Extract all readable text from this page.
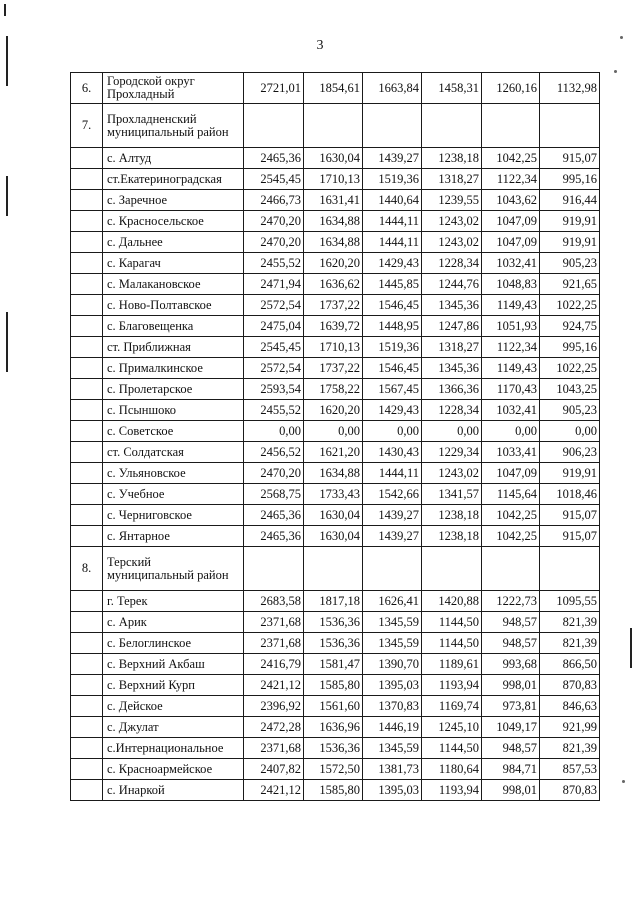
3
6.	Городской округ Прохладный	2721,01	1854,61	1663,84	1458,31	1260,16	1132,98
7.	Прохладненский муниципальный район						
	с. Алтуд	2465,36	1630,04	1439,27	1238,18	1042,25	915,07
	ст.Екатериноградская	2545,45	1710,13	1519,36	1318,27	1122,34	995,16
	с. Заречное	2466,73	1631,41	1440,64	1239,55	1043,62	916,44
	с. Красносельское	2470,20	1634,88	1444,11	1243,02	1047,09	919,91
	с. Дальнее	2470,20	1634,88	1444,11	1243,02	1047,09	919,91
	с. Карагач	2455,52	1620,20	1429,43	1228,34	1032,41	905,23
	с. Малакановское	2471,94	1636,62	1445,85	1244,76	1048,83	921,65
	с. Ново-Полтавское	2572,54	1737,22	1546,45	1345,36	1149,43	1022,25
	с. Благовещенка	2475,04	1639,72	1448,95	1247,86	1051,93	924,75
	ст. Приближная	2545,45	1710,13	1519,36	1318,27	1122,34	995,16
	с. Прималкинское	2572,54	1737,22	1546,45	1345,36	1149,43	1022,25
	с. Пролетарское	2593,54	1758,22	1567,45	1366,36	1170,43	1043,25
	с. Псыншоко	2455,52	1620,20	1429,43	1228,34	1032,41	905,23
	с. Советское	0,00	0,00	0,00	0,00	0,00	0,00
	ст. Солдатская	2456,52	1621,20	1430,43	1229,34	1033,41	906,23
	с. Ульяновское	2470,20	1634,88	1444,11	1243,02	1047,09	919,91
	с. Учебное	2568,75	1733,43	1542,66	1341,57	1145,64	1018,46
	с. Черниговское	2465,36	1630,04	1439,27	1238,18	1042,25	915,07
	с. Янтарное	2465,36	1630,04	1439,27	1238,18	1042,25	915,07
8.	Терский муниципальный район						
	г. Терек	2683,58	1817,18	1626,41	1420,88	1222,73	1095,55
	с. Арик	2371,68	1536,36	1345,59	1144,50	948,57	821,39
	с. Белоглинское	2371,68	1536,36	1345,59	1144,50	948,57	821,39
	с. Верхний Акбаш	2416,79	1581,47	1390,70	1189,61	993,68	866,50
	с. Верхний Курп	2421,12	1585,80	1395,03	1193,94	998,01	870,83
	с. Дейское	2396,92	1561,60	1370,83	1169,74	973,81	846,63
	с. Джулат	2472,28	1636,96	1446,19	1245,10	1049,17	921,99
	с.Интернациональное	2371,68	1536,36	1345,59	1144,50	948,57	821,39
	с. Красноармейское	2407,82	1572,50	1381,73	1180,64	984,71	857,53
	с. Инаркой	2421,12	1585,80	1395,03	1193,94	998,01	870,83
